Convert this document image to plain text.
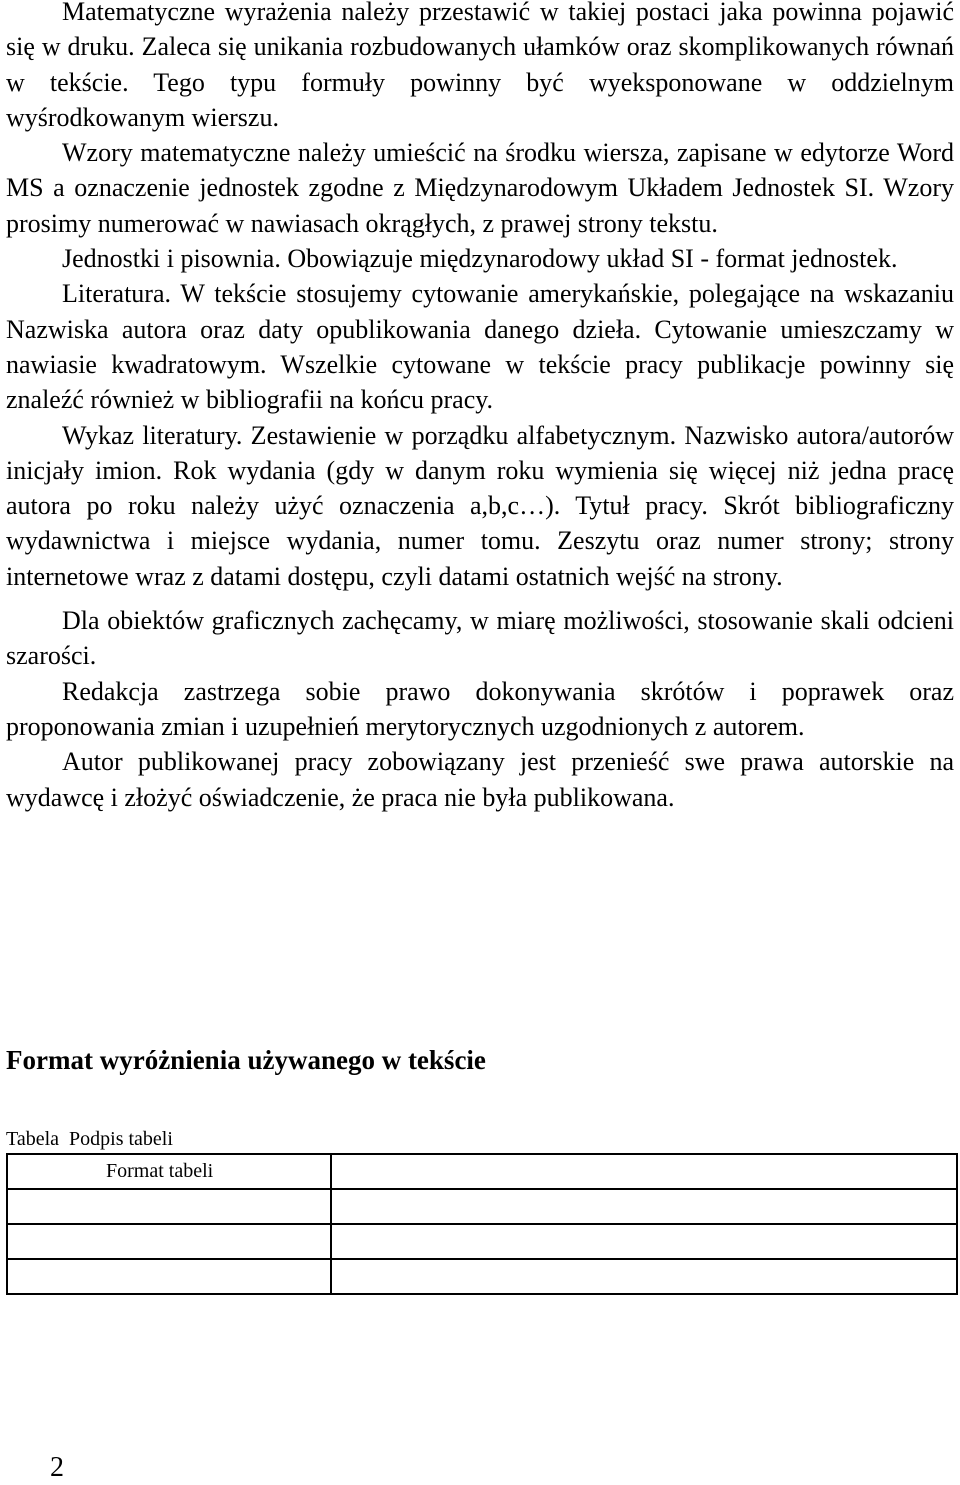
Matematyczne wyrażenia należy przestawić w takiej postaci jaka powinna pojawić się w druku. Zaleca się unikania rozbudowanych ułamków oraz skomplikowanych równań w tekście. Tego typu formuły powinny być wyeksponowane w oddzielnym wyśrodkowanym wierszu.

Wzory matematyczne należy umieścić na środku wiersza, zapisane w edytorze Word MS a oznaczenie jednostek zgodne z Międzynarodowym Układem Jednostek SI. Wzory prosimy numerować w nawiasach okrągłych, z prawej strony tekstu.

Jednostki i pisownia. Obowiązuje międzynarodowy układ SI - format jednostek.

Literatura. W tekście stosujemy cytowanie amerykańskie, polegające na wskazaniu Nazwiska autora oraz daty opublikowania danego dzieła. Cytowanie umieszczamy w nawiasie kwadratowym. Wszelkie cytowane w tekście pracy publikacje powinny się znaleźć również w bibliografii na końcu pracy.

Wykaz literatury. Zestawienie w porządku alfabetycznym. Nazwisko autora/autorów inicjały imion. Rok wydania (gdy w danym roku wymienia się więcej niż jedna pracę autora po roku należy użyć oznaczenia a,b,c…). Tytuł pracy. Skrót bibliograficzny wydawnictwa i miejsce wydania, numer tomu. Zeszytu oraz numer strony; strony internetowe wraz z datami dostępu, czyli datami ostatnich wejść na strony.

Dla obiektów graficznych zachęcamy, w miarę możliwości, stosowanie skali odcieni szarości.

Redakcja zastrzega sobie prawo dokonywania skrótów i poprawek oraz proponowania zmian i uzupełnień merytorycznych uzgodnionych z autorem.

Autor publikowanej pracy zobowiązany jest przenieść swe prawa autorskie na wydawcę i złożyć oświadczenie, że praca nie była publikowana.

Format wyróżnienia używanego w tekście
Tabela Podpis tabeli
Format tabeli	

2
